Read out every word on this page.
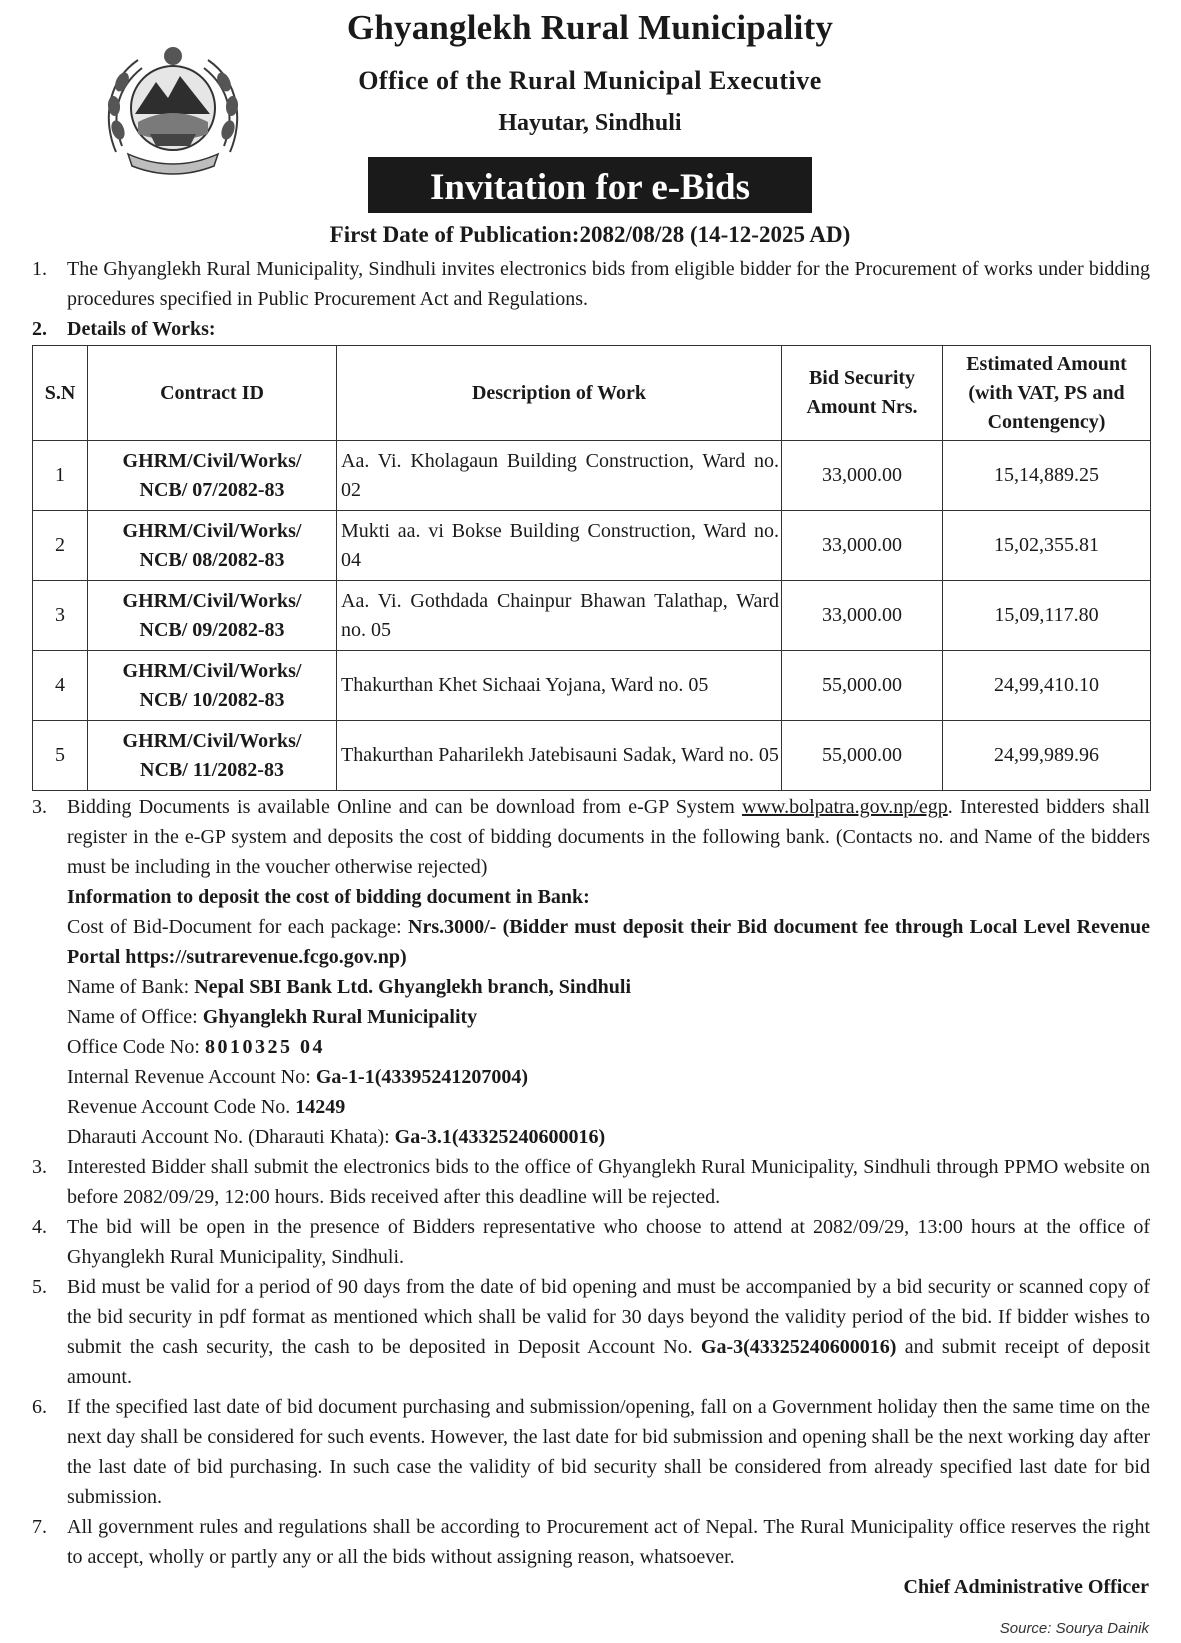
Ghyanglekh Rural Municipality
Office of the Rural Municipal Executive
Hayutar, Sindhuli
Invitation for e-Bids
First Date of Publication:2082/08/28 (14-12-2025 AD)
1.	The Ghyanglekh Rural Municipality, Sindhuli invites electronics bids from eligible bidder for the Procurement of works under bidding procedures specified in Public Procurement Act and Regulations.
2.	Details of Works:
S.N	Contract ID	Description of Work	Bid Security Amount Nrs.	Estimated Amount (with VAT, PS and Contengency)
1	GHRM/Civil/Works/
NCB/ 07/2082-83	Aa. Vi. Kholagaun Building Construction, Ward no. 02	33,000.00	15,14,889.25
2	GHRM/Civil/Works/
NCB/ 08/2082-83	Mukti aa. vi Bokse Building Construction, Ward no. 04	33,000.00	15,02,355.81
3	GHRM/Civil/Works/
NCB/ 09/2082-83	Aa. Vi. Gothdada Chainpur Bhawan Talathap, Ward no. 05	33,000.00	15,09,117.80
4	GHRM/Civil/Works/
NCB/ 10/2082-83	Thakurthan Khet Sichaai Yojana, Ward no. 05	55,000.00	24,99,410.10
5	GHRM/Civil/Works/
NCB/ 11/2082-83	Thakurthan Paharilekh Jatebisauni Sadak, Ward no. 05	55,000.00	24,99,989.96
3.	Bidding Documents is available Online and can be download from e-GP System www.bolpatra.gov.np/egp. Interested bidders shall register in the e-GP system and deposits the cost of bidding documents in the following bank. (Contacts no. and Name of the bidders must be including in the voucher otherwise rejected)
Information to deposit the cost of bidding document in Bank:
Cost of Bid-Document for each package: Nrs.3000/- (Bidder must deposit their Bid document fee through Local Level Revenue Portal https://sutrarevenue.fcgo.gov.np)
Name of Bank: Nepal SBI Bank Ltd. Ghyanglekh branch, Sindhuli
Name of Office: Ghyanglekh Rural Municipality
Office Code No: 8010325 04
Internal Revenue Account No: Ga-1-1(43395241207004)
Revenue Account Code No. 14249
Dharauti Account No. (Dharauti Khata): Ga-3.1(43325240600016)
3.	Interested Bidder shall submit the electronics bids to the office of Ghyanglekh Rural Municipality, Sindhuli through PPMO website on before 2082/09/29, 12:00 hours. Bids received after this deadline will be rejected.
4.	The bid will be open in the presence of Bidders representative who choose to attend at 2082/09/29, 13:00 hours at the office of Ghyanglekh Rural Municipality, Sindhuli.
5.	Bid must be valid for a period of 90 days from the date of bid opening and must be accompanied by a bid security or scanned copy of the bid security in pdf format as mentioned which shall be valid for 30 days beyond the validity period of the bid. If bidder wishes to submit the cash security, the cash to be deposited in Deposit Account No. Ga-3(43325240600016) and submit receipt of deposit amount.
6.	If the specified last date of bid document purchasing and submission/opening, fall on a Government holiday then the same time on the next day shall be considered for such events. However, the last date for bid submission and opening shall be the next working day after the last date of bid purchasing. In such case the validity of bid security shall be considered from already specified last date for bid submission.
7.	All government rules and regulations shall be according to Procurement act of Nepal. The Rural Municipality office reserves the right to accept, wholly or partly any or all the bids without assigning reason, whatsoever.
Chief Administrative Officer
Source: Sourya Dainik
